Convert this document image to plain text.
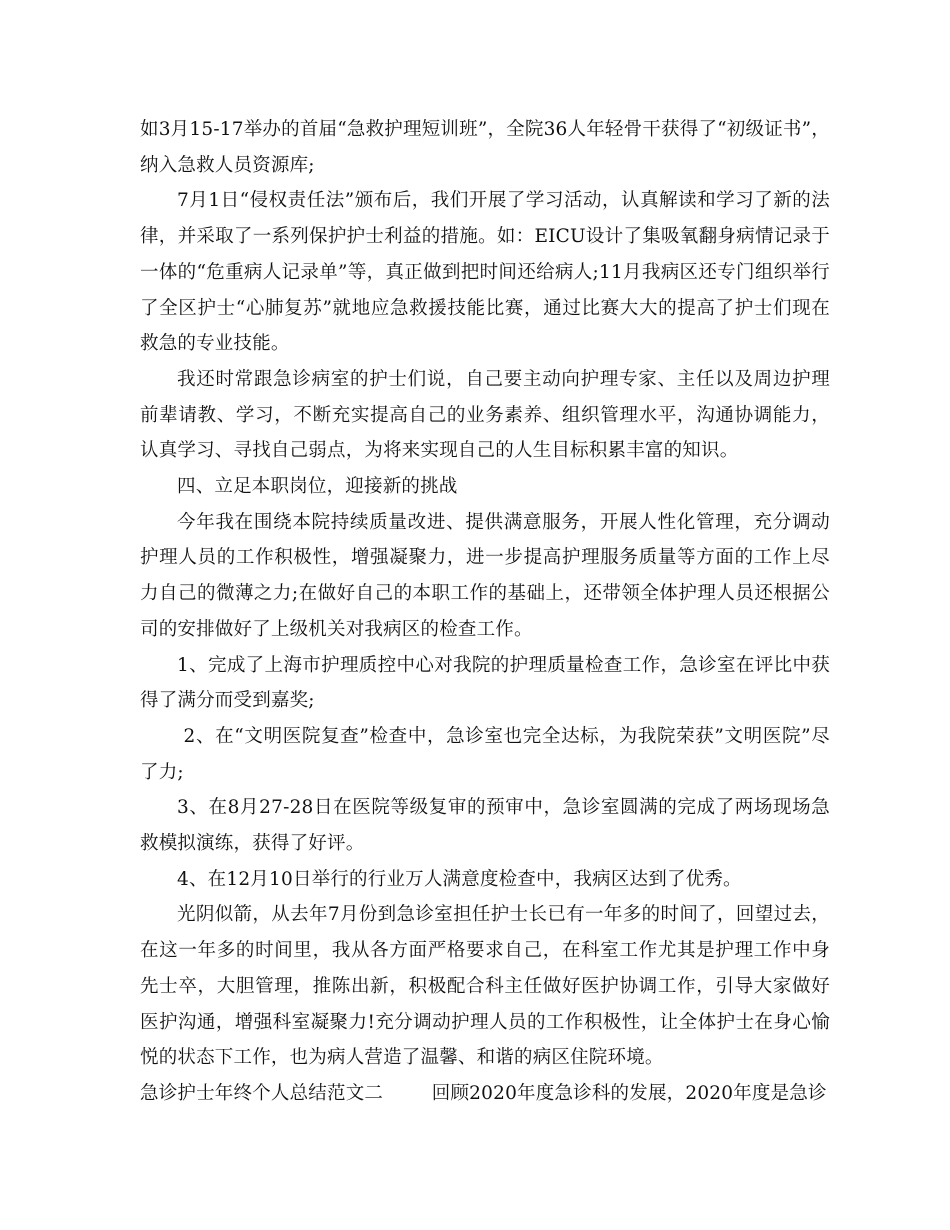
如3月15-17举办的首届“急救护理短训班”，全院36人年轻骨干获得了“初级证书”，纳入急救人员资源库;

7月1日“侵权责任法”颁布后，我们开展了学习活动，认真解读和学习了新的法律，并采取了一系列保护护士利益的措施。如：EICU设计了集吸氧翻身病情记录于一体的“危重病人记录单”等，真正做到把时间还给病人;11月我病区还专门组织举行了全区护士“心肺复苏”就地应急救援技能比赛，通过比赛大大的提高了护士们现在救急的专业技能。

我还时常跟急诊病室的护士们说，自己要主动向护理专家、主任以及周边护理前辈请教、学习，不断充实提高自己的业务素养、组织管理水平，沟通协调能力，认真学习、寻找自己弱点，为将来实现自己的人生目标积累丰富的知识。

四、立足本职岗位，迎接新的挑战

今年我在围绕本院持续质量改进、提供满意服务，开展人性化管理，充分调动护理人员的工作积极性，增强凝聚力，进一步提高护理服务质量等方面的工作上尽力自己的微薄之力;在做好自己的本职工作的基础上，还带领全体护理人员还根据公司的安排做好了上级机关对我病区的检查工作。

1、完成了上海市护理质控中心对我院的护理质量检查工作，急诊室在评比中获得了满分而受到嘉奖;

2、在“文明医院复查”检查中，急诊室也完全达标，为我院荣获”文明医院”尽了力;

3、在8月27-28日在医院等级复审的预审中，急诊室圆满的完成了两场现场急救模拟演练，获得了好评。

4、在12月10日举行的行业万人满意度检查中，我病区达到了优秀。

光阴似箭，从去年7月份到急诊室担任护士长已有一年多的时间了，回望过去，在这一年多的时间里，我从各方面严格要求自己，在科室工作尤其是护理工作中身先士卒，大胆管理，推陈出新，积极配合科主任做好医护协调工作，引导大家做好医护沟通，增强科室凝聚力!充分调动护理人员的工作积极性，让全体护士在身心愉悦的状态下工作，也为病人营造了温馨、和谐的病区住院环境。

急诊护士年终个人总结范文二	回顾2020年度急诊科的发展，2020年度是急诊
